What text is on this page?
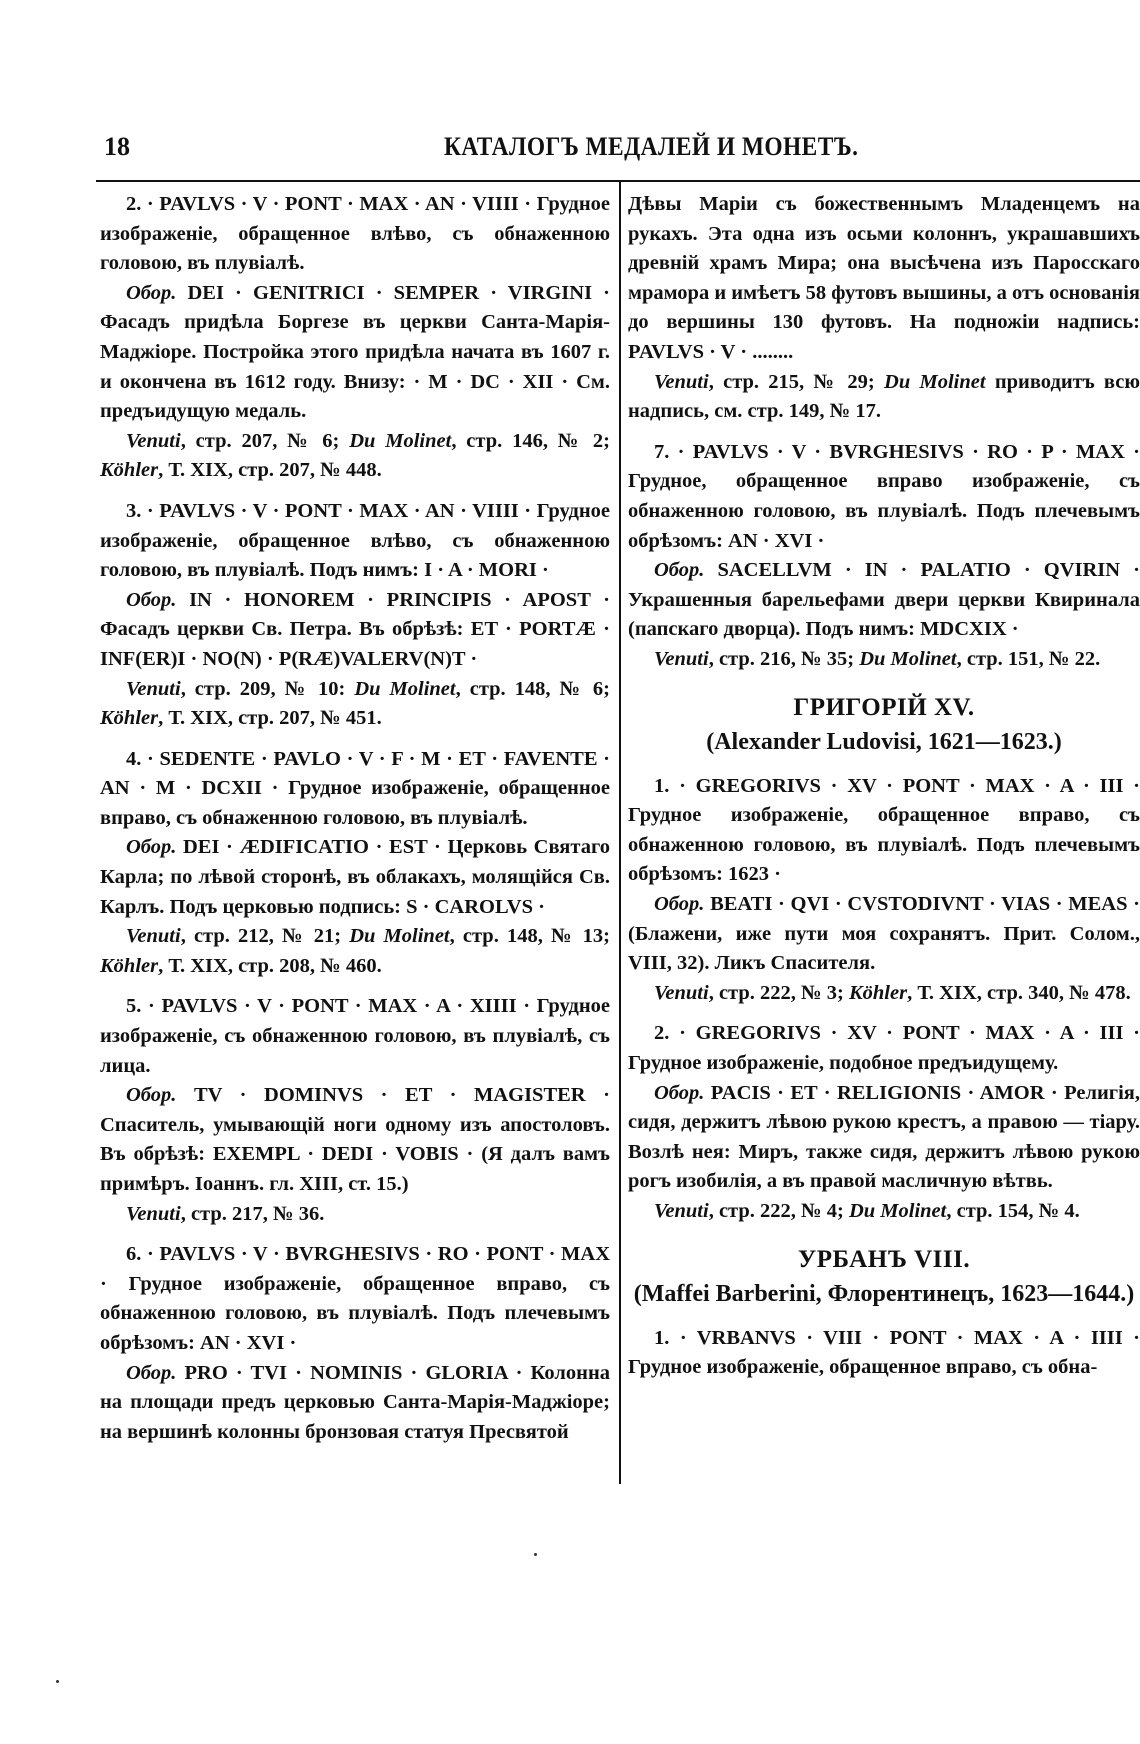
18	КАТАЛОГЪ МЕДАЛЕЙ И МОНЕТЪ.

2. · PAVLVS · V · PONT · MAX · AN · VIIII · Грудное изображеніе, обращенное влѣво, съ обнаженною головою, въ плувіалѣ.

Обор. DEI · GENITRICI · SEMPER · VIRGINI · Фасадъ придѣла Боргезе въ церкви Санта-Марія-Маджіоре. Постройка этого придѣла начата въ 1607 г. и окончена въ 1612 году. Внизу: · M · DC · XII · См. предъидущую медаль.

Venuti, стр. 207, № 6; Du Molinet, стр. 146, № 2; Köhler, Т. XIX, стр. 207, № 448.

3. · PAVLVS · V · PONT · MAX · AN · VIIII · Грудное изображеніе, обращенное влѣво, съ обнаженною головою, въ плувіалѣ. Подъ нимъ: I · A · MORI ·

Обор. IN · HONOREM · PRINCIPIS · APOST · Фасадъ церкви Св. Петра. Въ обрѣзѣ: ET · PORTÆ · INF(ER)I · NO(N) · P(RÆ)VALERV(N)T ·

Venuti, стр. 209, № 10: Du Molinet, стр. 148, № 6; Köhler, Т. XIX, стр. 207, № 451.

4. · SEDENTE · PAVLO · V · F · M · ET · FAVENTE · AN · M · DCXII · Грудное изображеніе, обращенное вправо, съ обнаженною головою, въ плувіалѣ.

Обор. DEI · ÆDIFICATIO · EST · Церковь Святаго Карла; по лѣвой сторонѣ, въ облакахъ, молящійся Св. Карлъ. Подъ церковью подпись: S · CAROLVS ·

Venuti, стр. 212, № 21; Du Molinet, стр. 148, № 13; Köhler, Т. XIX, стр. 208, № 460.

5. · PAVLVS · V · PONT · MAX · A · XIIII · Грудное изображеніе, съ обнаженною головою, въ плувіалѣ, съ лица.

Обор. TV · DOMINVS · ET · MAGISTER · Спаситель, умывающій ноги одному изъ апостоловъ. Въ обрѣзѣ: EXEMPL · DEDI · VOBIS · (Я далъ вамъ примѣръ. Іоаннъ. гл. XIII, ст. 15.)

Venuti, стр. 217, № 36.

6. · PAVLVS · V · BVRGHESIVS · RO · PONT · MAX · Грудное изображеніе, обращенное вправо, съ обнаженною головою, въ плувіалѣ. Подъ плечевымъ обрѣзомъ: AN · XVI ·

Обор. PRO · TVI · NOMINIS · GLORIA · Колонна на площади предъ церковью Санта-Марія-Маджіоре; на вершинѣ колонны бронзовая статуя Пресвятой

Дѣвы Маріи съ божественнымъ Младенцемъ на рукахъ. Эта одна изъ осьми колоннъ, украшавшихъ древній храмъ Мира; она высѣчена изъ Паросскаго мрамора и имѣетъ 58 футовъ вышины, а отъ основанія до вершины 130 футовъ. На подножіи надпись: PAVLVS · V · ........

Venuti, стр. 215, № 29; Du Molinet приводитъ всю надпись, см. стр. 149, № 17.

7. · PAVLVS · V · BVRGHESIVS · RO · P · MAX · Грудное, обращенное вправо изображеніе, съ обнаженною головою, въ плувіалѣ. Подъ плечевымъ обрѣзомъ: AN · XVI ·

Обор. SACELLVM · IN · PALATIO · QVIRIN · Украшенныя барельефами двери церкви Квиринала (папскаго дворца). Подъ нимъ: MDCXIX ·

Venuti, стр. 216, № 35; Du Molinet, стр. 151, № 22.

ГРИГОРІЙ XV.
(Alexander Ludovisi, 1621—1623.)

1. · GREGORIVS · XV · PONT · MAX · A · III · Грудное изображеніе, обращенное вправо, съ обнаженною головою, въ плувіалѣ. Подъ плечевымъ обрѣзомъ: 1623 ·

Обор. BEATI · QVI · CVSTODIVNT · VIAS · MEAS · (Блажени, иже пути моя сохранятъ. Прит. Солом., VIII, 32). Ликъ Спасителя.

Venuti, стр. 222, № 3; Köhler, Т. XIX, стр. 340, № 478.

2. · GREGORIVS · XV · PONT · MAX · A · III · Грудное изображеніе, подобное предъидущему.

Обор. PACIS · ET · RELIGIONIS · AMOR · Религія, сидя, держитъ лѣвою рукою крестъ, а правою — тіару. Возлѣ нея: Миръ, также сидя, держитъ лѣвою рукою рогъ изобилія, а въ правой масличную вѣтвь.

Venuti, стр. 222, № 4; Du Molinet, стр. 154, № 4.

УРБАНЪ VIII.
(Maffei Barberini, Флорентинецъ, 1623—1644.)

1. · VRBANVS · VIII · PONT · MAX · A · IIII · Грудное изображеніе, обращенное вправо, съ обна-
